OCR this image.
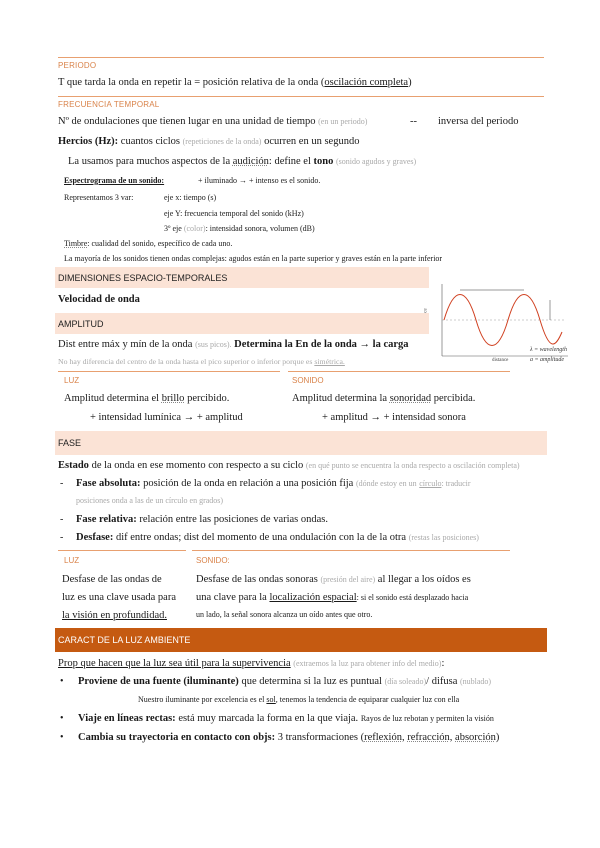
PERIODO
T que tarda la onda en repetir la = posición relativa de la onda (oscilación completa)
FRECUENCIA TEMPORAL
Nº de ondulaciones que tienen lugar en una unidad de tiempo (en un periodo)	-- inversa del periodo
Hercios (Hz): cuantos ciclos (repeticiones de la onda) ocurren en un segundo
La usamos para muchos aspectos de la audición: define el tono (sonido agudos y graves)
Espectrograma de un sonido:	+ iluminado → + intenso es el sonido.
Representamos 3 var:	eje x: tiempo (s)
eje Y: frecuencia temporal del sonido (kHz)
3º eje (color): intensidad sonora, volumen (dB)
Timbre: cualidad del sonido, específico de cada uno.
La mayoría de los sonidos tienen ondas complejas: agudos están en la parte superior y graves están en la parte inferior
DIMENSIONES ESPACIO-TEMPORALES
Velocidad de onda
distance
λ = wavelength
a = amplitude
AMPLITUD
Dist entre máx y mín de la onda (sus picos). Determina la En de la onda → la carga
No hay diferencia del centro de la onda hasta el pico superior o inferior porque es simétrica.
LUZ	SONIDO
Amplitud determina el brillo percibido.	Amplitud determina la sonoridad percibida.
+ intensidad lumínica → + amplitud	+ amplitud → + intensidad sonora
FASE
Estado de la onda en ese momento con respecto a su ciclo (en qué punto se encuentra la onda respecto a oscilación completa)
- Fase absoluta: posición de la onda en relación a una posición fija (dónde estoy en un círculo: traducir
posiciones onda a las de un círculo en grados)
- Fase relativa: relación entre las posiciones de varias ondas.
- Desfase: dif entre ondas; dist del momento de una ondulación con la de la otra (restas las posiciones)
LUZ	SONIDO:
Desfase de las ondas de
luz es una clave usada para
la visión en profundidad.
Desfase de las ondas sonoras (presión del aire) al llegar a los oídos es
una clave para la localización espacial: si el sonido está desplazado hacia
un lado, la señal sonora alcanza un oído antes que otro.
CARACT DE LA LUZ AMBIENTE
Prop que hacen que la luz sea útil para la supervivencia (extraemos la luz para obtener info del medio):
• Proviene de una fuente (iluminante) que determina si la luz es puntual (día soleado)/ difusa (nublado)
Nuestro iluminante por excelencia es el sol, tenemos la tendencia de equiparar cualquier luz con ella
• Viaje en líneas rectas: está muy marcada la forma en la que viaja. Rayos de luz rebotan y permiten la visión
• Cambia su trayectoria en contacto con objs: 3 transformaciones (reflexión, refracción, absorción)
